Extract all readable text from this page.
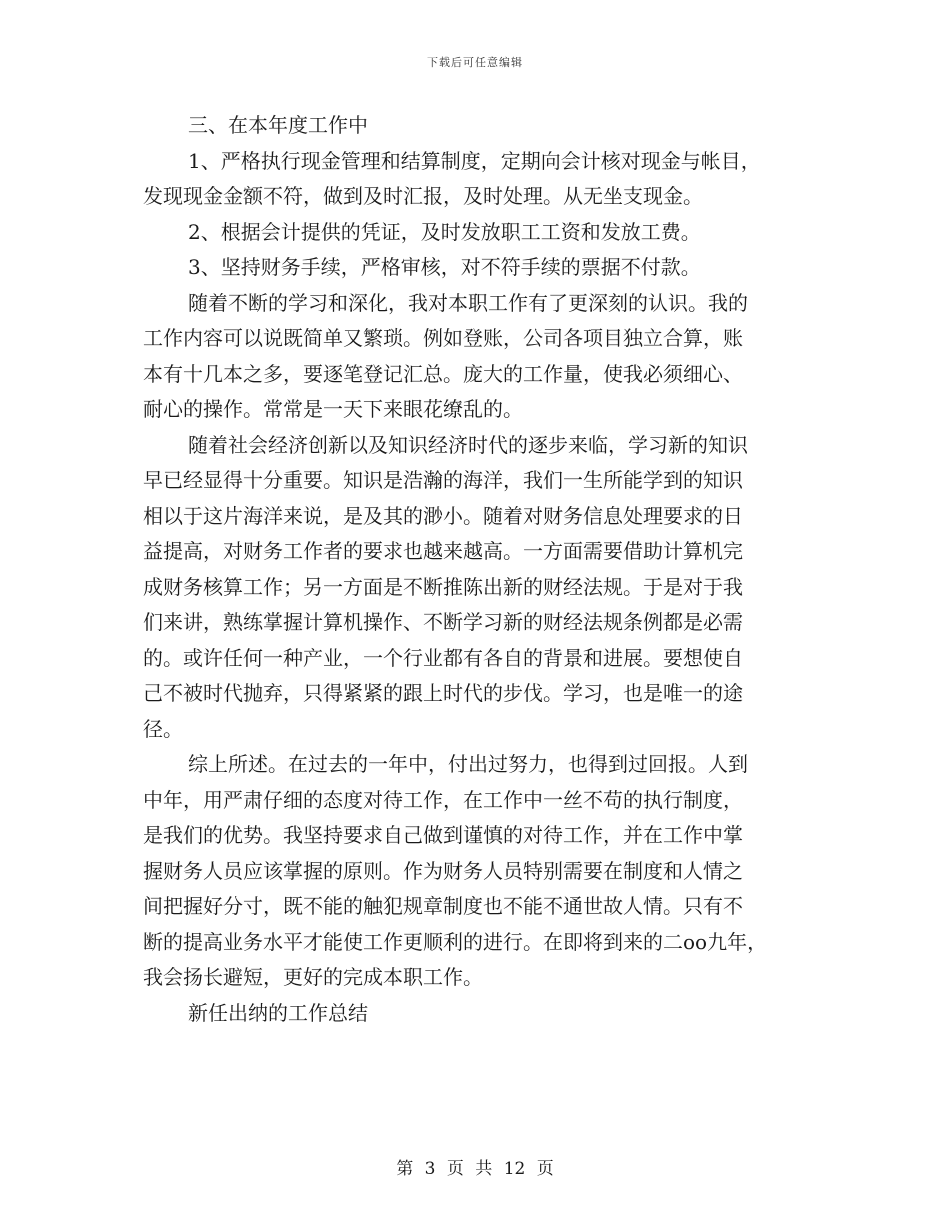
下载后可任意编辑
三、在本年度工作中
1、严格执行现金管理和结算制度，定期向会计核对现金与帐目，
发现现金金额不符，做到及时汇报，及时处理。从无坐支现金。
2、根据会计提供的凭证，及时发放职工工资和发放工费。
3、坚持财务手续，严格审核，对不符手续的票据不付款。
随着不断的学习和深化，我对本职工作有了更深刻的认识。我的
工作内容可以说既简单又繁琐。例如登账，公司各项目独立合算，账
本有十几本之多，要逐笔登记汇总。庞大的工作量，使我必须细心、
耐心的操作。常常是一天下来眼花缭乱的。
随着社会经济创新以及知识经济时代的逐步来临，学习新的知识
早已经显得十分重要。知识是浩瀚的海洋，我们一生所能学到的知识
相以于这片海洋来说，是及其的渺小。随着对财务信息处理要求的日
益提高，对财务工作者的要求也越来越高。一方面需要借助计算机完
成财务核算工作；另一方面是不断推陈出新的财经法规。于是对于我
们来讲，熟练掌握计算机操作、不断学习新的财经法规条例都是必需
的。或许任何一种产业，一个行业都有各自的背景和进展。要想使自
己不被时代抛弃，只得紧紧的跟上时代的步伐。学习，也是唯一的途
径。
综上所述。在过去的一年中，付出过努力，也得到过回报。人到
中年，用严肃仔细的态度对待工作，在工作中一丝不苟的执行制度，
是我们的优势。我坚持要求自己做到谨慎的对待工作，并在工作中掌
握财务人员应该掌握的原则。作为财务人员特别需要在制度和人情之
间把握好分寸，既不能的触犯规章制度也不能不通世故人情。只有不
断的提高业务水平才能使工作更顺利的进行。在即将到来的二oo九年，
我会扬长避短，更好的完成本职工作。
新任出纳的工作总结
第 3 页 共 12 页
